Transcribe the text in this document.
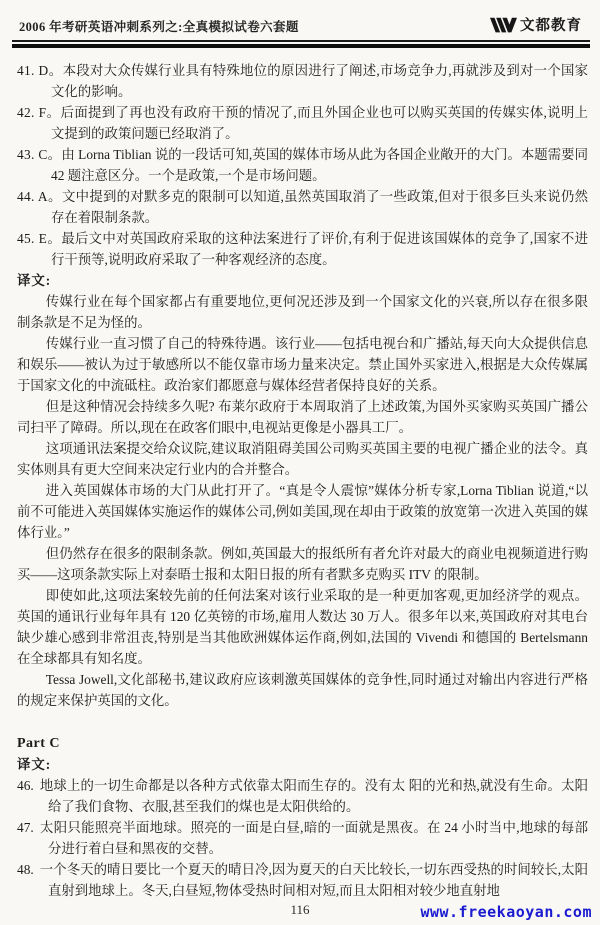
2006 年考研英语冲刺系列之:全真模拟试卷六套题	文都教育

41. D。本段对大众传媒行业具有特殊地位的原因进行了阐述,市场竞争力,再就涉及到对一个国家文化的影响。

42. F。后面提到了再也没有政府干预的情况了,而且外国企业也可以购买英国的传媒实体,说明上文提到的政策问题已经取消了。

43. C。由 Lorna Tiblian 说的一段话可知,英国的媒体市场从此为各国企业敞开的大门。本题需要同 42 题注意区分。一个是政策,一个是市场问题。

44. A。文中提到的对默多克的限制可以知道,虽然英国取消了一些政策,但对于很多巨头来说仍然存在着限制条款。

45. E。最后文中对英国政府采取的这种法案进行了评价,有利于促进该国媒体的竞争了,国家不进行干预等,说明政府采取了一种客观经济的态度。

译文:

传媒行业在每个国家都占有重要地位,更何况还涉及到一个国家文化的兴衰,所以存在很多限制条款是不足为怪的。

传媒行业一直习惯了自己的特殊待遇。该行业——包括电视台和广播站,每天向大众提供信息和娱乐——被认为过于敏感所以不能仅靠市场力量来决定。禁止国外买家进入,根据是大众传媒属于国家文化的中流砥柱。政治家们都愿意与媒体经营者保持良好的关系。

但是这种情况会持续多久呢? 布莱尔政府于本周取消了上述政策,为国外买家购买英国广播公司扫平了障碍。所以,现在在政客们眼中,电视站更像是小器具工厂。

这项通讯法案提交给众议院,建议取消阻碍美国公司购买英国主要的电视广播企业的法令。真实体则具有更大空间来决定行业内的合并整合。

进入英国媒体市场的大门从此打开了。“真是令人震惊”媒体分析专家,Lorna Tiblian 说道,“以前不可能进入英国媒体实施运作的媒体公司,例如美国,现在却由于政策的放宽第一次进入英国的媒体行业。”

但仍然存在很多的限制条款。例如,英国最大的报纸所有者允许对最大的商业电视频道进行购买——这项条款实际上对泰晤士报和太阳日报的所有者默多克购买 ITV 的限制。

即使如此,这项法案较先前的任何法案对该行业采取的是一种更加客观,更加经济学的观点。英国的通讯行业每年具有 120 亿英镑的市场,雇用人数达 30 万人。很多年以来,英国政府对其电台缺少雄心感到非常沮丧,特别是当其他欧洲媒体运作商,例如,法国的 Vivendi 和德国的 Bertelsmann 在全球都具有知名度。

Tessa Jowell,文化部秘书,建议政府应该刺激英国媒体的竞争性,同时通过对输出内容进行严格的规定来保护英国的文化。

Part C

译文:

46. 地球上的一切生命都是以各种方式依靠太阳而生存的。没有太 阳的光和热,就没有生命。太阳给了我们食物、衣服,甚至我们的煤也是太阳供给的。

47. 太阳只能照亮半面地球。照亮的一面是白昼,暗的一面就是黑夜。在 24 小时当中,地球的每部分进行着白昼和黑夜的交替。

48. 一个冬天的晴日要比一个夏天的晴日冷,因为夏天的白天比较长,一切东西受热的时间较长,太阳直射到地球上。冬天,白昼短,物体受热时间相对短,而且太阳相对较少地直射地

116	www.freekaoyan.com
